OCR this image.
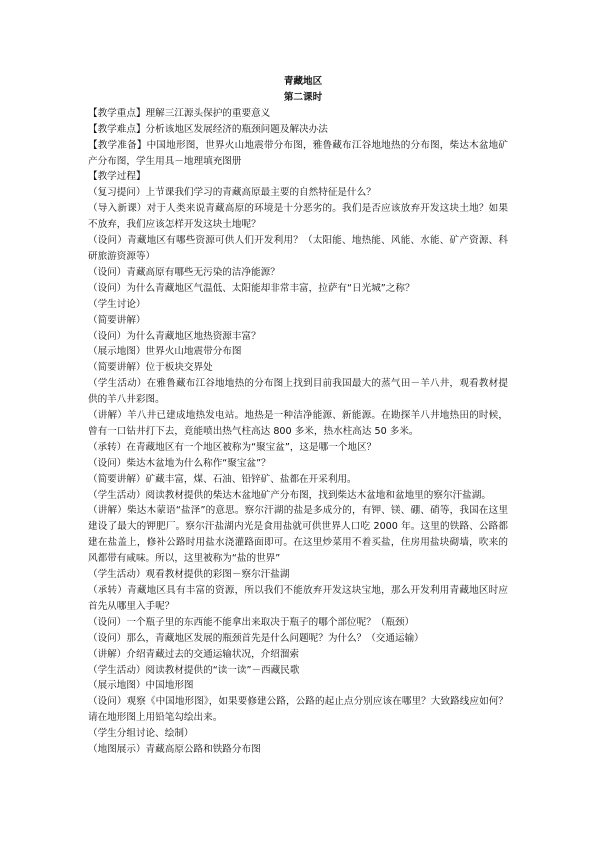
青藏地区

第二课时

【教学重点】理解三江源头保护的重要意义

【教学难点】分析该地区发展经济的瓶颈问题及解决办法

【教学准备】中国地形图，世界火山地震带分布图，雅鲁藏布江谷地地热的分布图，柴达木盆地矿产分布图，学生用具－地理填充图册

【教学过程】

（复习提问）上节课我们学习的青藏高原最主要的自然特征是什么？

（导入新课）对于人类来说青藏高原的环境是十分恶劣的。我们是否应该放弃开发这块土地？如果不放弃，我们应该怎样开发这块土地呢？

（设问）青藏地区有哪些资源可供人们开发利用？（太阳能、地热能、风能、水能、矿产资源、科研旅游资源等）

（设问）青藏高原有哪些无污染的洁净能源？

（设问）为什么青藏地区气温低、太阳能却非常丰富，拉萨有“日光城”之称？

（学生讨论）

（简要讲解）

（设问）为什么青藏地区地热资源丰富？

（展示地图）世界火山地震带分布图

（简要讲解）位于板块交界处

（学生活动）在雅鲁藏布江谷地地热的分布图上找到目前我国最大的蒸气田－羊八井，观看教材提供的羊八井彩图。

（讲解）羊八井已建成地热发电站。地热是一种洁净能源、新能源。在勘探羊八井地热田的时候，曾有一口钻井打下去，竟能喷出热气柱高达 800 多米，热水柱高达 50 多米。

（承转）在青藏地区有一个地区被称为“聚宝盆”，这是哪一个地区？

（设问）柴达木盆地为什么称作“聚宝盆”？

（简要讲解）矿藏丰富，煤、石油、铅锌矿、盐都在开采利用。

（学生活动）阅读教材提供的柴达木盆地矿产分布图，找到柴达木盆地和盆地里的察尔汗盐湖。

（讲解）柴达木蒙语“盐泽”的意思。察尔汗湖的盐是多成分的，有钾、镁、硼、硝等，我国在这里建设了最大的钾肥厂。察尔汗盐湖内光是食用盐就可供世界人口吃 2000 年。这里的铁路、公路都建在盐盖上，修补公路时用盐水浇灌路面即可。在这里炒菜用不着买盐，住房用盐块砌墙，吹来的风都带有咸味。所以，这里被称为“盐的世界”

（学生活动）观看教材提供的彩图－察尔汗盐湖

（承转）青藏地区具有丰富的资源，所以我们不能放弃开发这块宝地，那么开发利用青藏地区时应首先从哪里入手呢？

（设问）一个瓶子里的东西能不能拿出来取决于瓶子的哪个部位呢？（瓶颈）

（设问）那么，青藏地区发展的瓶颈首先是什么问题呢？为什么？（交通运输）

（讲解）介绍青藏过去的交通运输状况，介绍溜索

（学生活动）阅读教材提供的“读一读”－西藏民歌

（展示地图）中国地形图

（设问）观察《中国地形图》，如果要修建公路，公路的起止点分别应该在哪里？大致路线应如何？请在地形图上用铅笔勾绘出来。

（学生分组讨论、绘制）

（地图展示）青藏高原公路和铁路分布图
